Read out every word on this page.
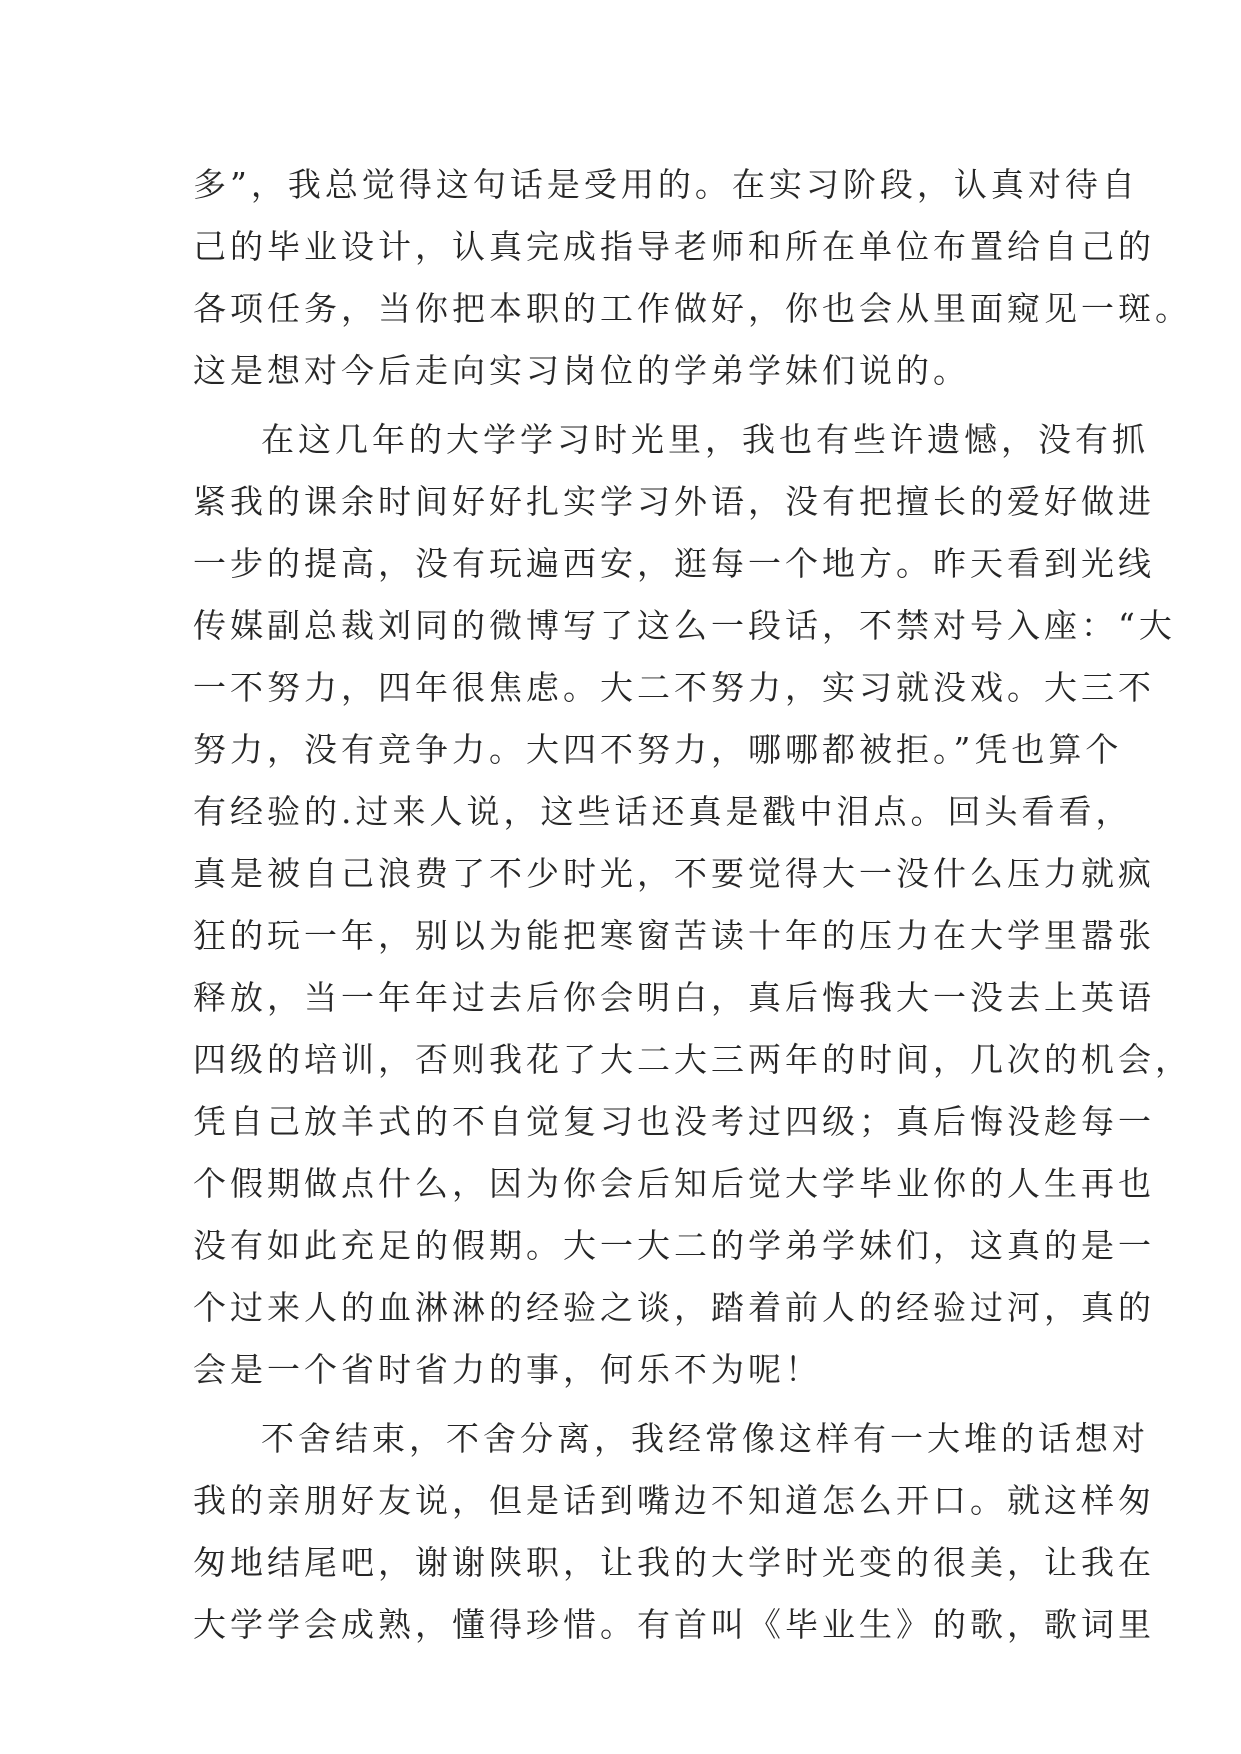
多”，我总觉得这句话是受用的。在实习阶段，认真对待自
己的毕业设计，认真完成指导老师和所在单位布置给自己的
各项任务，当你把本职的工作做好，你也会从里面窥见一斑。
这是想对今后走向实习岗位的学弟学妹们说的。
在这几年的大学学习时光里，我也有些许遗憾，没有抓
紧我的课余时间好好扎实学习外语，没有把擅长的爱好做进
一步的提高，没有玩遍西安，逛每一个地方。昨天看到光线
传媒副总裁刘同的微博写了这么一段话，不禁对号入座：“大
一不努力，四年很焦虑。大二不努力，实习就没戏。大三不
努力，没有竞争力。大四不努力，哪哪都被拒。”凭也算个
有经验的.过来人说，这些话还真是戳中泪点。回头看看，
真是被自己浪费了不少时光，不要觉得大一没什么压力就疯
狂的玩一年，别以为能把寒窗苦读十年的压力在大学里嚣张
释放，当一年年过去后你会明白，真后悔我大一没去上英语
四级的培训，否则我花了大二大三两年的时间，几次的机会，
凭自己放羊式的不自觉复习也没考过四级；真后悔没趁每一
个假期做点什么，因为你会后知后觉大学毕业你的人生再也
没有如此充足的假期。大一大二的学弟学妹们，这真的是一
个过来人的血淋淋的经验之谈，踏着前人的经验过河，真的
会是一个省时省力的事，何乐不为呢！
不舍结束，不舍分离，我经常像这样有一大堆的话想对
我的亲朋好友说，但是话到嘴边不知道怎么开口。就这样匆
匆地结尾吧，谢谢陕职，让我的大学时光变的很美，让我在
大学学会成熟，懂得珍惜。有首叫《毕业生》的歌，歌词里
